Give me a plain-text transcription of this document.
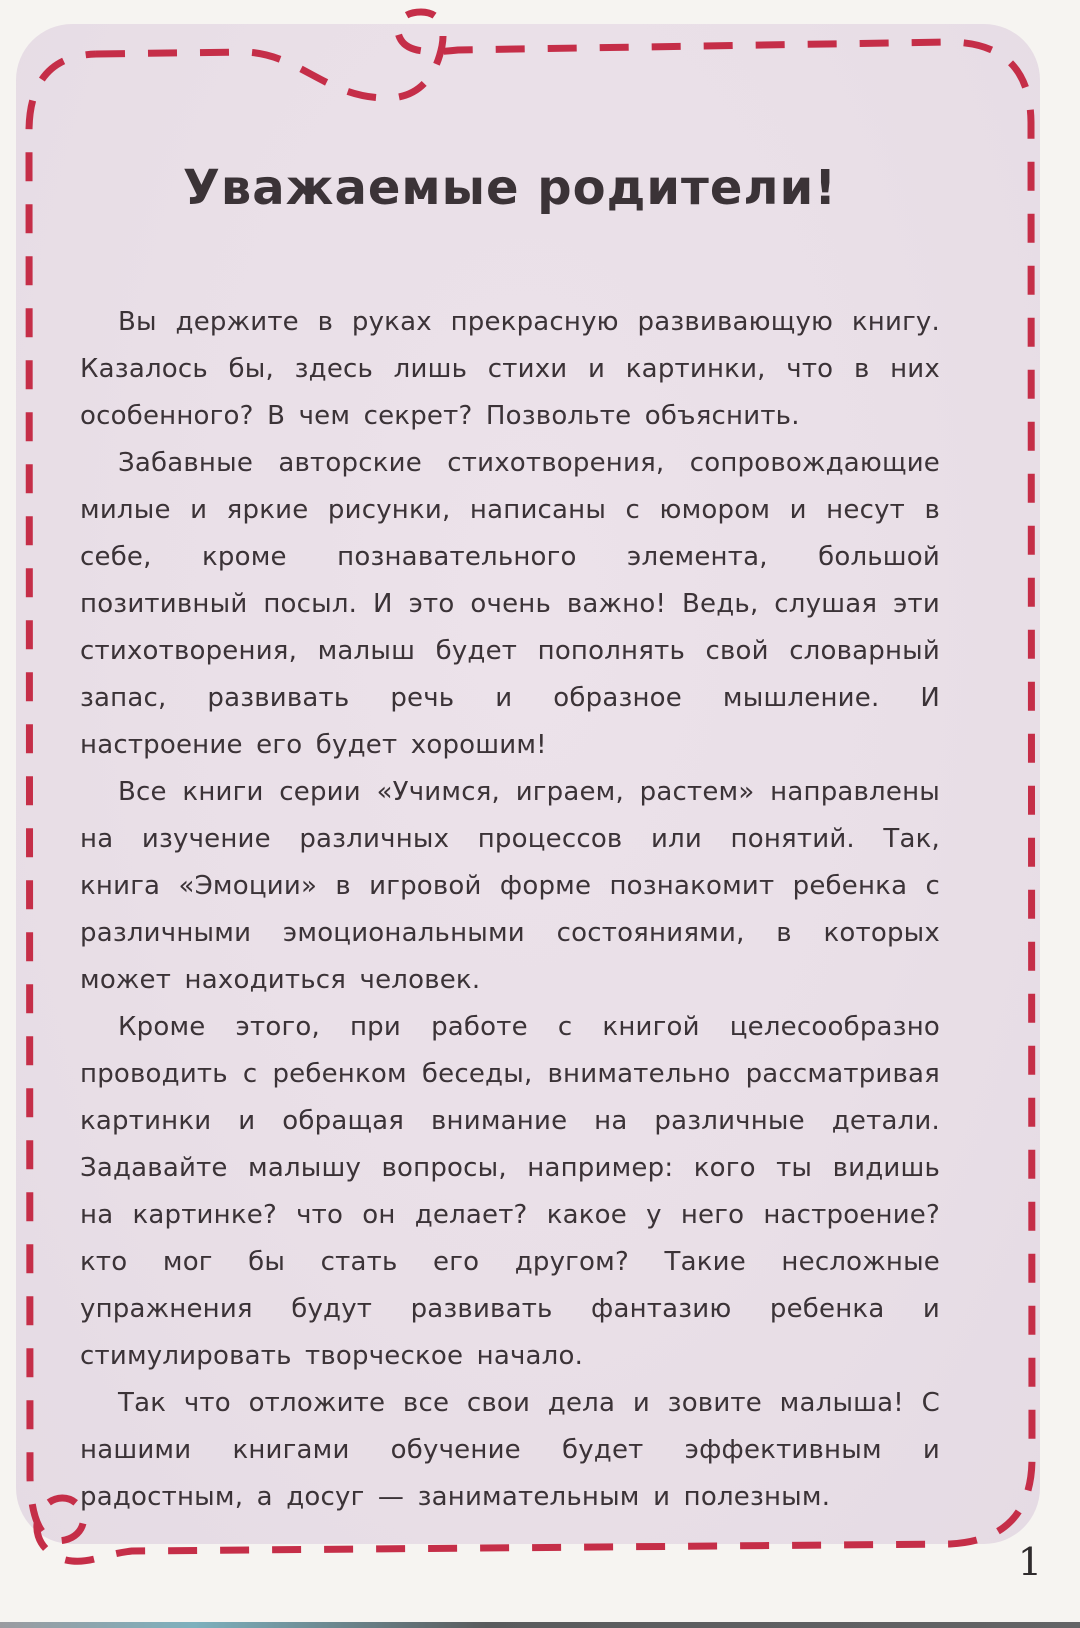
Уважаемые родители!

Вы держите в руках прекрасную развивающую книгу. Казалось бы, здесь лишь стихи и картинки, что в них особенного? В чем секрет? Позвольте объяснить.

Забавные авторские стихотворения, сопровождающие милые и яркие рисунки, написаны с юмором и несут в себе, кроме познавательного элемента, большой позитивный посыл. И это очень важно! Ведь, слушая эти стихотворения, малыш будет пополнять свой словарный запас, развивать речь и образное мышление. И настроение его будет хорошим!

Все книги серии «Учимся, играем, растем» направлены на изучение различных процессов или понятий. Так, книга «Эмоции» в игровой форме познакомит ребенка с различными эмоциональными состояниями, в которых может находиться человек.

Кроме этого, при работе с книгой целесообразно проводить с ребенком беседы, внимательно рассматривая картинки и обращая внимание на различные детали. Задавайте малышу вопросы, например: кого ты видишь на картинке? что он делает? какое у него настроение? кто мог бы стать его другом? Такие несложные упражнения будут развивать фантазию ребенка и стимулировать творческое начало.

Так что отложите все свои дела и зовите малыша! С нашими книгами обучение будет эффективным и радостным, а досуг — занимательным и полезным.

1
